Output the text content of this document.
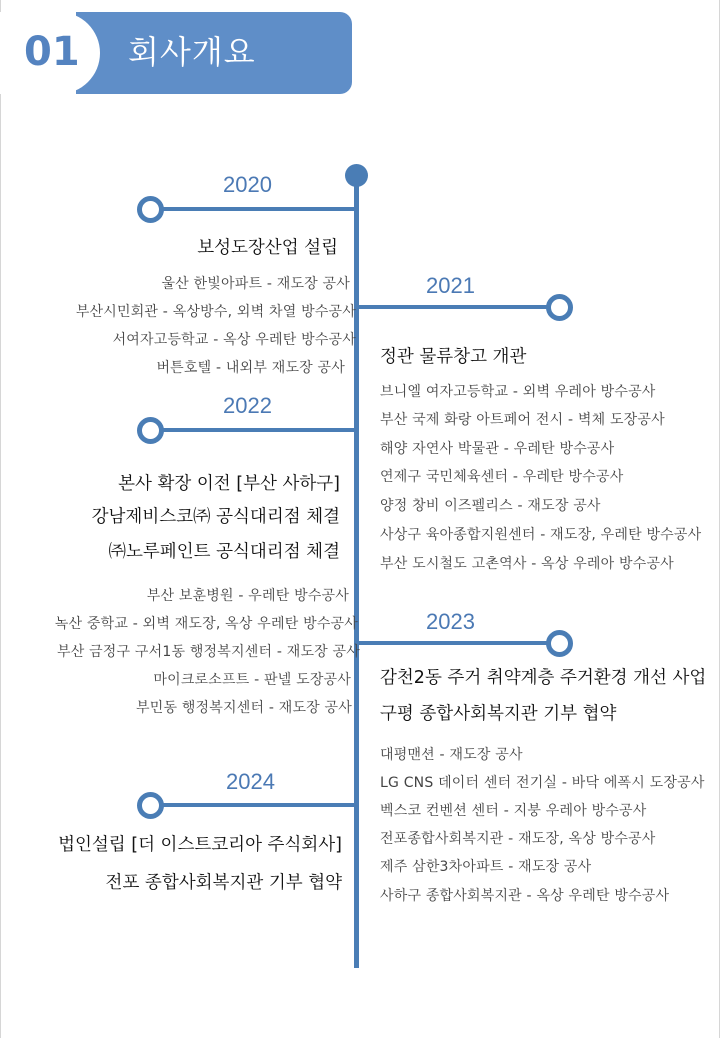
01 회사개요
2020
2021
2022
2023
2024
보성도장산업 설립
울산 한빛아파트 - 재도장 공사
부산시민회관 - 옥상방수, 외벽 차열 방수공사
서여자고등학교 - 옥상 우레탄 방수공사
버튼호텔 - 내외부 재도장 공사
정관 물류창고 개관
브니엘 여자고등학교 - 외벽 우레아 방수공사
부산 국제 화랑 아트페어 전시 - 벽체 도장공사
해양 자연사 박물관 - 우레탄 방수공사
연제구 국민체육센터 - 우레탄 방수공사
양정 창비 이즈펠리스 - 재도장 공사
사상구 육아종합지원센터 - 재도장, 우레탄 방수공사
부산 도시철도 고촌역사 - 옥상 우레아 방수공사
본사 확장 이전 [부산 사하구]
강남제비스코㈜ 공식대리점 체결
㈜노루페인트 공식대리점 체결
부산 보훈병원 - 우레탄 방수공사
녹산 중학교 - 외벽 재도장, 옥상 우레탄 방수공사
부산 금정구 구서1동 행정복지센터 - 재도장 공사
마이크로소프트 - 판넬 도장공사
부민동 행정복지센터 - 재도장 공사
감천2동 주거 취약계층 주거환경 개선 사업
구평 종합사회복지관 기부 협약
대평맨션 - 재도장 공사
LG CNS 데이터 센터 전기실 - 바닥 에폭시 도장공사
벡스코 컨벤션 센터 - 지붕 우레아 방수공사
전포종합사회복지관 - 재도장, 옥상 방수공사
제주 삼한3차아파트 - 재도장 공사
사하구 종합사회복지관 - 옥상 우레탄 방수공사
법인설립 [더 이스트코리아 주식회사]
전포 종합사회복지관 기부 협약
